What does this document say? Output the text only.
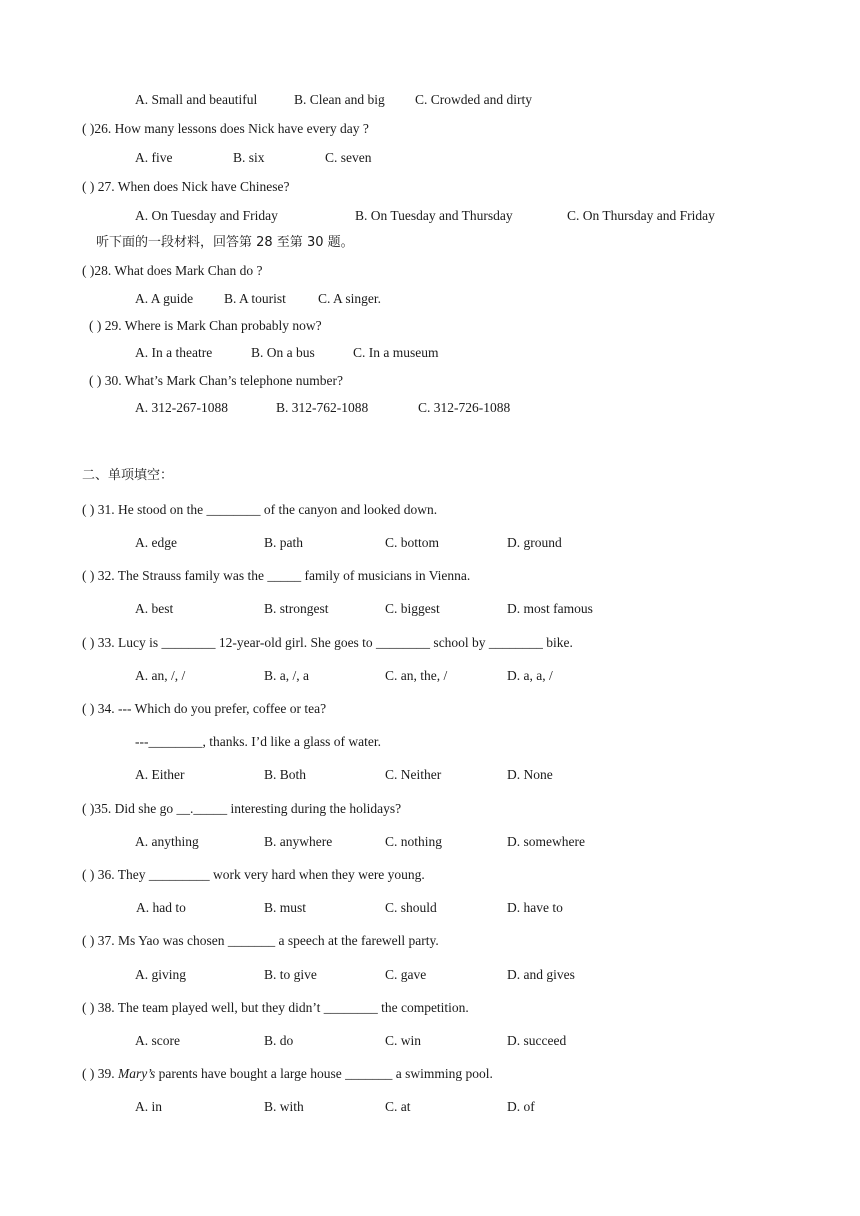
A. Small and beautiful	B. Clean and big C. Crowded and dirty
( )26. How many lessons does Nick have every day ?
A. five	B. six	C. seven
( ) 27. When does Nick have Chinese?
A. On Tuesday and Friday	B. On Tuesday and Thursday	C. On Thursday and Friday
听下面的一段材料，回答第 28 至第 30 题。
( )28. What does Mark Chan do ?
A. A guide B. A tourist C. A singer.
( ) 29. Where is Mark Chan probably now?
A. In a theatre	B. On a bus	C. In a museum
( ) 30. What’s Mark Chan’s telephone number?
A. 312-267-1088	B. 312-762-1088	C. 312-726-1088
二、单项填空：
( ) 31. He stood on the ________ of the canyon and looked down.
A. edge	B. path	C. bottom	D. ground
( ) 32. The Strauss family was the _____ family of musicians in Vienna.
A. best	B. strongest	C. biggest	D. most famous
( ) 33. Lucy is ________ 12-year-old girl. She goes to ________ school by ________ bike.
A. an, /, /	B. a, /, a	C. an, the, /	D. a, a, /
( ) 34. --- Which do you prefer, coffee or tea?
---________, thanks. I’d like a glass of water.
A. Either	B. Both	C. Neither	D. None
( )35. Did she go __._____ interesting during the holidays?
A. anything	B. anywhere	C. nothing	D. somewhere
( ) 36. They _________ work very hard when they were young.
A. had to	B. must	C. should	D. have to
( ) 37. Ms Yao was chosen _______ a speech at the farewell party.
A. giving	B. to give	C. gave	D. and gives
( ) 38. The team played well, but they didn’t ________ the competition.
A. score	B. do	C. win	D. succeed
( ) 39. Mary’s parents have bought a large house _______ a swimming pool.
A. in	B. with	C. at	D. of
